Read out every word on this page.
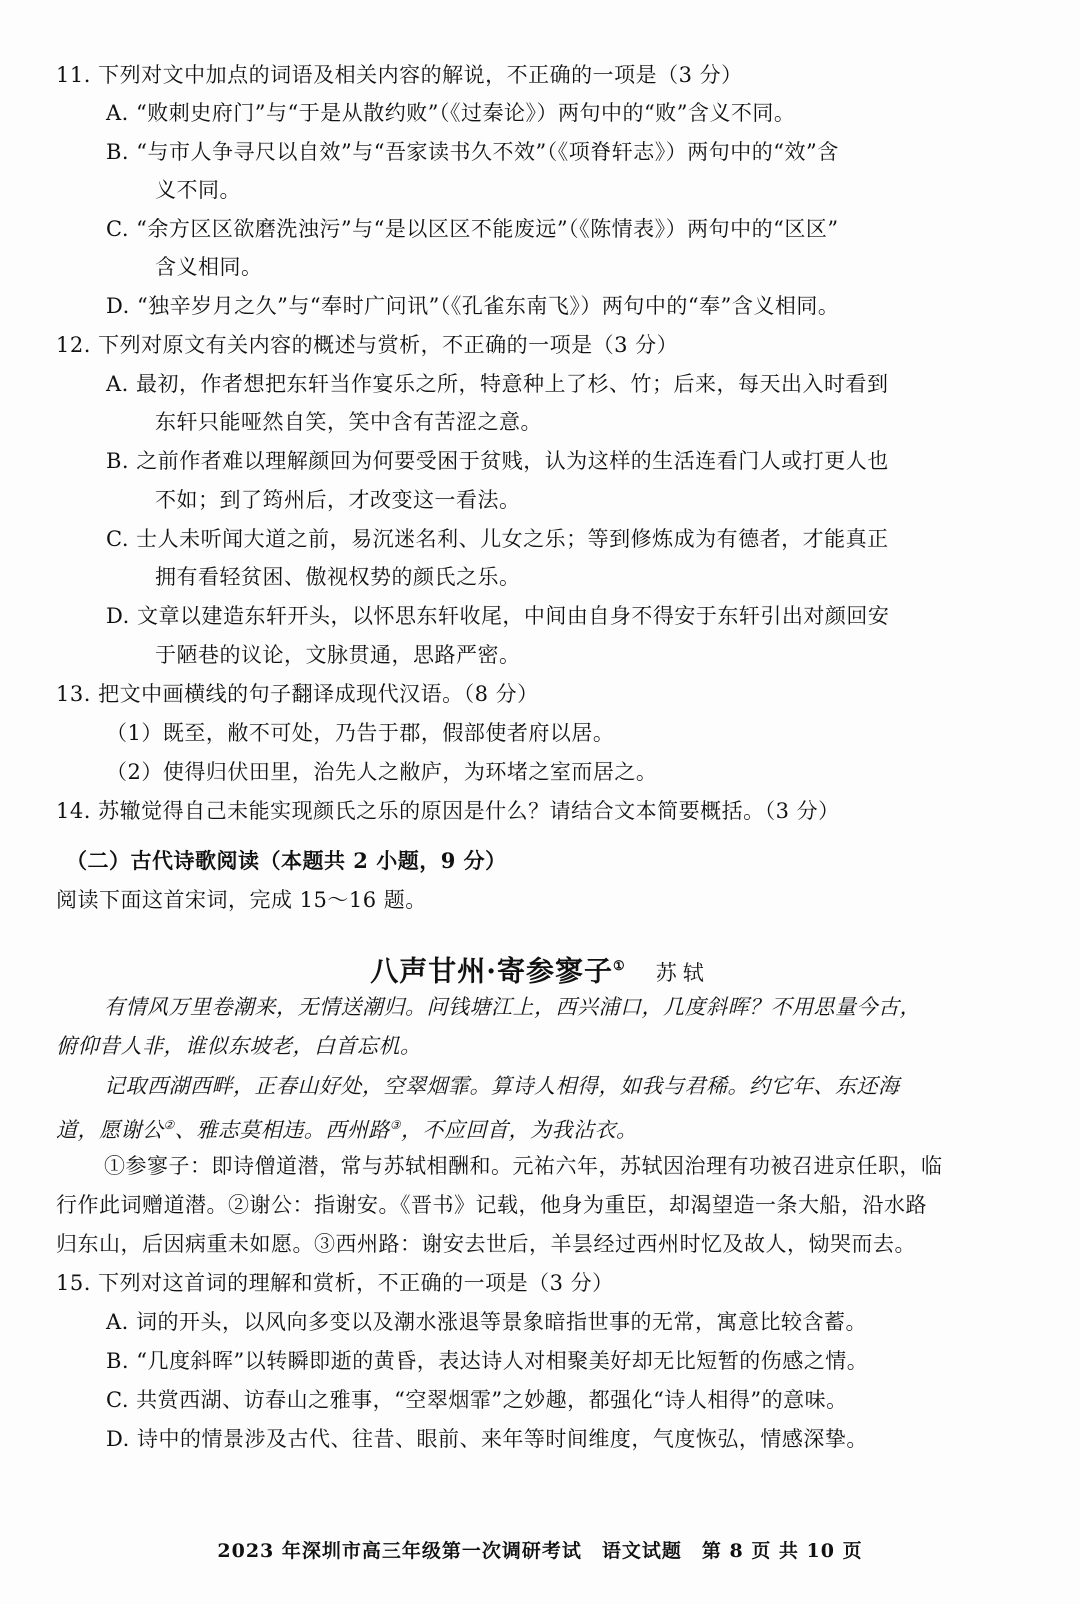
11. 下列对文中加点的词语及相关内容的解说，不正确的一项是（3 分）
A. “败刺史府门”与“于是从散约败”（《过秦论》）两句中的“败”含义不同。
B. “与市人争寻尺以自效”与“吾家读书久不效”（《项脊轩志》）两句中的“效”含
义不同。
C. “余方区区欲磨洗浊污”与“是以区区不能废远”（《陈情表》）两句中的“区区”
含义相同。
D. “独辛岁月之久”与“奉时广问讯”（《孔雀东南飞》）两句中的“奉”含义相同。
12. 下列对原文有关内容的概述与赏析，不正确的一项是（3 分）
A. 最初，作者想把东轩当作宴乐之所，特意种上了杉、竹；后来，每天出入时看到
东轩只能哑然自笑，笑中含有苦涩之意。
B. 之前作者难以理解颜回为何要受困于贫贱，认为这样的生活连看门人或打更人也
不如；到了筠州后，才改变这一看法。
C. 士人未听闻大道之前，易沉迷名利、儿女之乐；等到修炼成为有德者，才能真正
拥有看轻贫困、傲视权势的颜氏之乐。
D. 文章以建造东轩开头，以怀思东轩收尾，中间由自身不得安于东轩引出对颜回安
于陋巷的议论，文脉贯通，思路严密。
13. 把文中画横线的句子翻译成现代汉语。（8 分）
（1）既至，敝不可处，乃告于郡，假部使者府以居。
（2）使得归伏田里，治先人之敝庐，为环堵之室而居之。
14. 苏辙觉得自己未能实现颜氏之乐的原因是什么？请结合文本简要概括。（3 分）
（二）古代诗歌阅读（本题共 2 小题，9 分）
阅读下面这首宋词，完成 15～16 题。
八声甘州·寄参寥子① 苏轼
有情风万里卷潮来，无情送潮归。问钱塘江上，西兴浦口，几度斜晖？不用思量今古，
俯仰昔人非，谁似东坡老，白首忘机。
记取西湖西畔，正春山好处，空翠烟霏。算诗人相得，如我与君稀。约它年、东还海
道，愿谢公②、雅志莫相违。西州路③，不应回首，为我沾衣。
①参寥子：即诗僧道潜，常与苏轼相酬和。元祐六年，苏轼因治理有功被召进京任职，临
行作此词赠道潜。②谢公：指谢安。《晋书》记载，他身为重臣，却渴望造一条大船，沿水路
归东山，后因病重未如愿。③西州路：谢安去世后，羊昙经过西州时忆及故人，恸哭而去。
15. 下列对这首词的理解和赏析，不正确的一项是（3 分）
A. 词的开头，以风向多变以及潮水涨退等景象暗指世事的无常，寓意比较含蓄。
B. “几度斜晖”以转瞬即逝的黄昏，表达诗人对相聚美好却无比短暂的伤感之情。
C. 共赏西湖、访春山之雅事，“空翠烟霏”之妙趣，都强化“诗人相得”的意味。
D. 诗中的情景涉及古代、往昔、眼前、来年等时间维度，气度恢弘，情感深挚。
2023 年深圳市高三年级第一次调研考试　语文试题　第 8 页 共 10 页
